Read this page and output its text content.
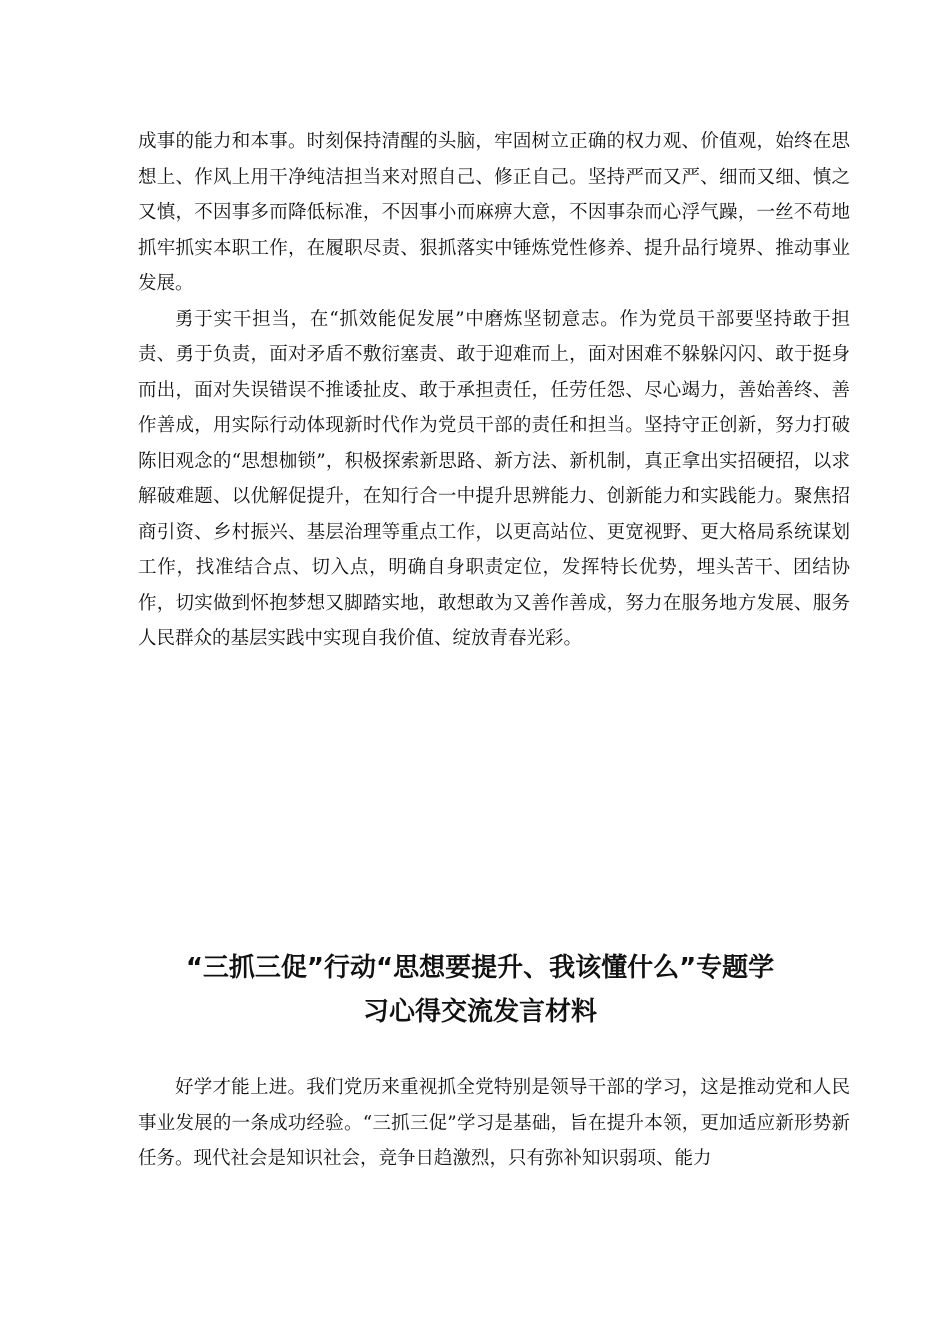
成事的能力和本事。时刻保持清醒的头脑，牢固树立正确的权力观、价值观，始终在思想上、作风上用干净纯洁担当来对照自己、修正自己。坚持严而又严、细而又细、慎之又慎，不因事多而降低标准，不因事小而麻痹大意，不因事杂而心浮气躁，一丝不苟地抓牢抓实本职工作，在履职尽责、狠抓落实中锤炼党性修养、提升品行境界、推动事业发展。

勇于实干担当，在“抓效能促发展”中磨炼坚韧意志。作为党员干部要坚持敢于担责、勇于负责，面对矛盾不敷衍塞责、敢于迎难而上，面对困难不躲躲闪闪、敢于挺身而出，面对失误错误不推诿扯皮、敢于承担责任，任劳任怨、尽心竭力，善始善终、善作善成，用实际行动体现新时代作为党员干部的责任和担当。坚持守正创新，努力打破陈旧观念的“思想枷锁”，积极探索新思路、新方法、新机制，真正拿出实招硬招，以求解破难题、以优解促提升，在知行合一中提升思辨能力、创新能力和实践能力。聚焦招商引资、乡村振兴、基层治理等重点工作，以更高站位、更宽视野、更大格局系统谋划工作，找准结合点、切入点，明确自身职责定位，发挥特长优势，埋头苦干、团结协作，切实做到怀抱梦想又脚踏实地，敢想敢为又善作善成，努力在服务地方发展、服务人民群众的基层实践中实现自我价值、绽放青春光彩。

“三抓三促”行动“思想要提升、我该懂什么”专题学
习心得交流发言材料

好学才能上进。我们党历来重视抓全党特别是领导干部的学习，这是推动党和人民事业发展的一条成功经验。“三抓三促”学习是基础，旨在提升本领，更加适应新形势新任务。现代社会是知识社会，竞争日趋激烈，只有弥补知识弱项、能力
